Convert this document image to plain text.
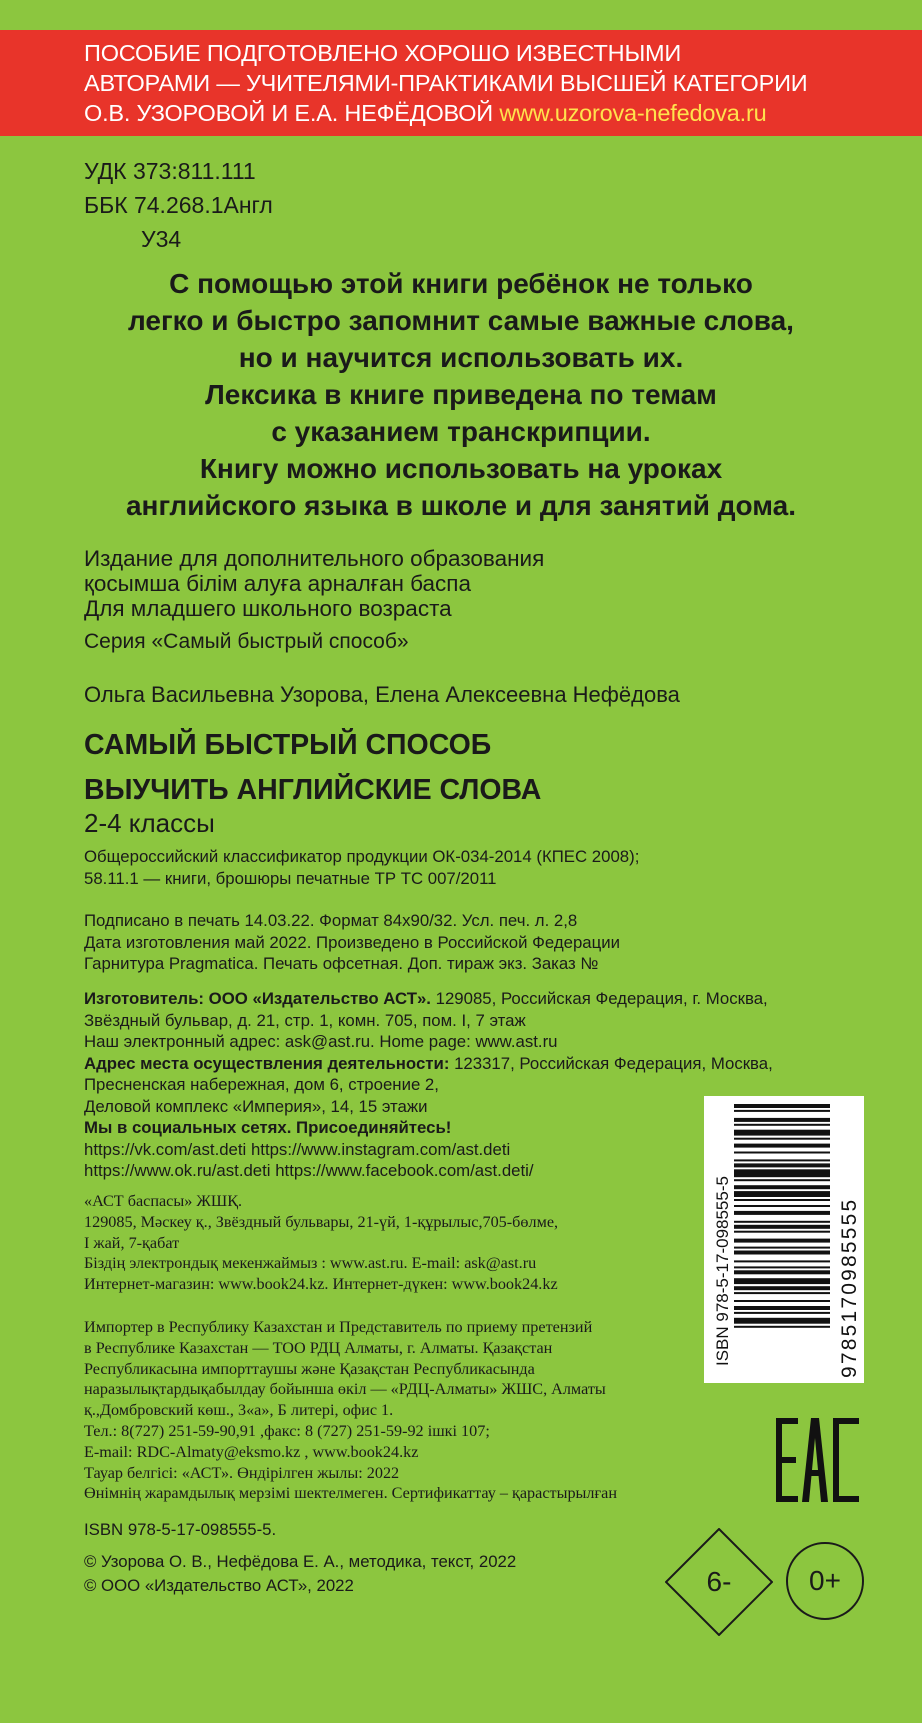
ПОСОБИЕ ПОДГОТОВЛЕНО ХОРОШО ИЗВЕСТНЫМИ
АВТОРАМИ — УЧИТЕЛЯМИ-ПРАКТИКАМИ ВЫСШЕЙ КАТЕГОРИИ
О.В. УЗОРОВОЙ И Е.А. НЕФЁДОВОЙ www.uzorova-nefedova.ru
УДК 373:811.111
ББК 74.268.1Англ
У34
С помощью этой книги ребёнок не только
легко и быстро запомнит самые важные слова,
но и научится использовать их.
Лексика в книге приведена по темам
с указанием транскрипции.
Книгу можно использовать на уроках
английского языка в школе и для занятий дома.
Издание для дополнительного образования
қосымша білім алуға арналған баспа
Для младшего школьного возраста
Серия «Самый быстрый способ»
Ольга Васильевна Узорова, Елена Алексеевна Нефёдова
САМЫЙ БЫСТРЫЙ СПОСОБ
ВЫУЧИТЬ АНГЛИЙСКИЕ СЛОВА
2-4 классы
Общероссийский классификатор продукции ОК-034-2014 (КПЕС 2008);
58.11.1 — книги, брошюры печатные ТР ТС 007/2011
Подписано в печать 14.03.22. Формат 84х90/32. Усл. печ. л. 2,8
Дата изготовления май 2022. Произведено в Российской Федерации
Гарнитура Pragmatica. Печать офсетная. Доп. тираж экз. Заказ №
Изготовитель: ООО «Издательство АСТ». 129085, Российская Федерация, г. Москва,
Звёздный бульвар, д. 21, стр. 1, комн. 705, пом. I, 7 этаж
Наш электронный адрес: ask@ast.ru. Home page: www.ast.ru
Адрес места осуществления деятельности: 123317, Российская Федерация, Москва,
Пресненская набережная, дом 6, строение 2,
Деловой комплекс «Империя», 14, 15 этажи
Мы в социальных сетях. Присоединяйтесь!
https://vk.com/ast.deti https://www.instagram.com/ast.deti
https://www.ok.ru/ast.deti https://www.facebook.com/ast.deti/
«АСТ баспасы» ЖШҚ.
129085, Мәскеу қ., Звёздный бульвары, 21-үй, 1-құрылыс,705-бөлме,
I жай, 7-қабат
Біздің электрондық мекенжаймыз : www.ast.ru. E-mail: ask@ast.ru
Интернет-магазин: www.book24.kz. Интернет-дүкен: www.book24.kz
Импортер в Республику Казахстан и Представитель по приему претензий
в Республике Казахстан — ТОО РДЦ Алматы, г. Алматы. Қазақстан
Республикасына импорттаушы және Қазақстан Республикасында
наразылықтардықабылдау бойынша өкіл — «РДЦ-Алматы» ЖШС, Алматы
қ.,Домбровский көш., 3«а», Б литері, офис 1.
Тел.: 8(727) 251-59-90,91 ,факс: 8 (727) 251-59-92 ішкі 107;
E-mail: RDC-Almaty@eksmo.kz , www.book24.kz
Тауар белгісі: «АСТ». Өндірілген жылы: 2022
Өнімнің жарамдылық мерзімі шектелмеген. Сертификаттау – қарастырылған
ISBN 978-5-17-098555-5.
© Узорова О. В., Нефёдова Е. А., методика, текст, 2022
© ООО «Издательство АСТ», 2022
ISBN 978-5-17-098555-5	9785170985555
6-	0+
